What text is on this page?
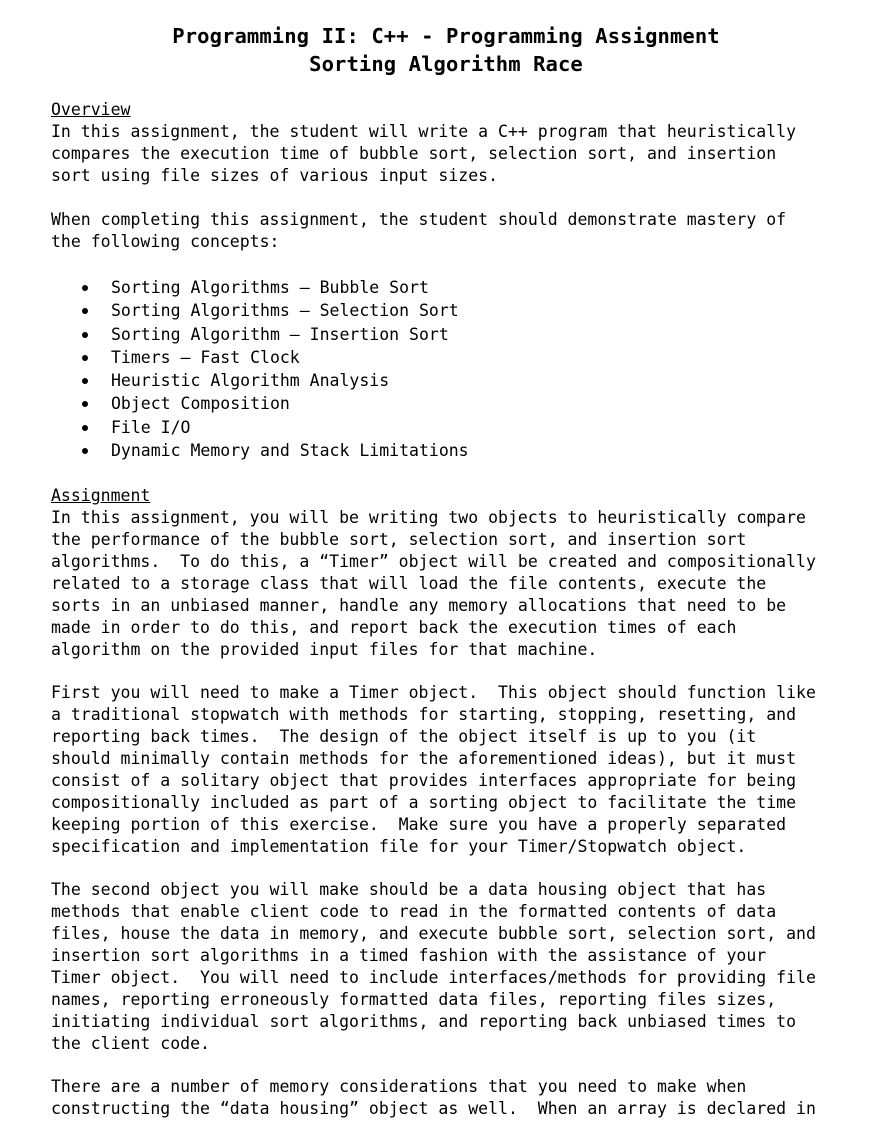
Programming II: C++ - Programming Assignment
Sorting Algorithm Race
Overview
In this assignment, the student will write a C++ program that heuristically
compares the execution time of bubble sort, selection sort, and insertion
sort using file sizes of various input sizes.
When completing this assignment, the student should demonstrate mastery of
the following concepts:
Sorting Algorithms – Bubble Sort
Sorting Algorithms – Selection Sort
Sorting Algorithm – Insertion Sort
Timers – Fast Clock
Heuristic Algorithm Analysis
Object Composition
File I/O
Dynamic Memory and Stack Limitations
Assignment
In this assignment, you will be writing two objects to heuristically compare
the performance of the bubble sort, selection sort, and insertion sort
algorithms.  To do this, a “Timer” object will be created and compositionally
related to a storage class that will load the file contents, execute the
sorts in an unbiased manner, handle any memory allocations that need to be
made in order to do this, and report back the execution times of each
algorithm on the provided input files for that machine.
First you will need to make a Timer object.  This object should function like
a traditional stopwatch with methods for starting, stopping, resetting, and
reporting back times.  The design of the object itself is up to you (it
should minimally contain methods for the aforementioned ideas), but it must
consist of a solitary object that provides interfaces appropriate for being
compositionally included as part of a sorting object to facilitate the time
keeping portion of this exercise.  Make sure you have a properly separated
specification and implementation file for your Timer/Stopwatch object.
The second object you will make should be a data housing object that has
methods that enable client code to read in the formatted contents of data
files, house the data in memory, and execute bubble sort, selection sort, and
insertion sort algorithms in a timed fashion with the assistance of your
Timer object.  You will need to include interfaces/methods for providing file
names, reporting erroneously formatted data files, reporting files sizes,
initiating individual sort algorithms, and reporting back unbiased times to
the client code.
There are a number of memory considerations that you need to make when
constructing the “data housing” object as well.  When an array is declared in
